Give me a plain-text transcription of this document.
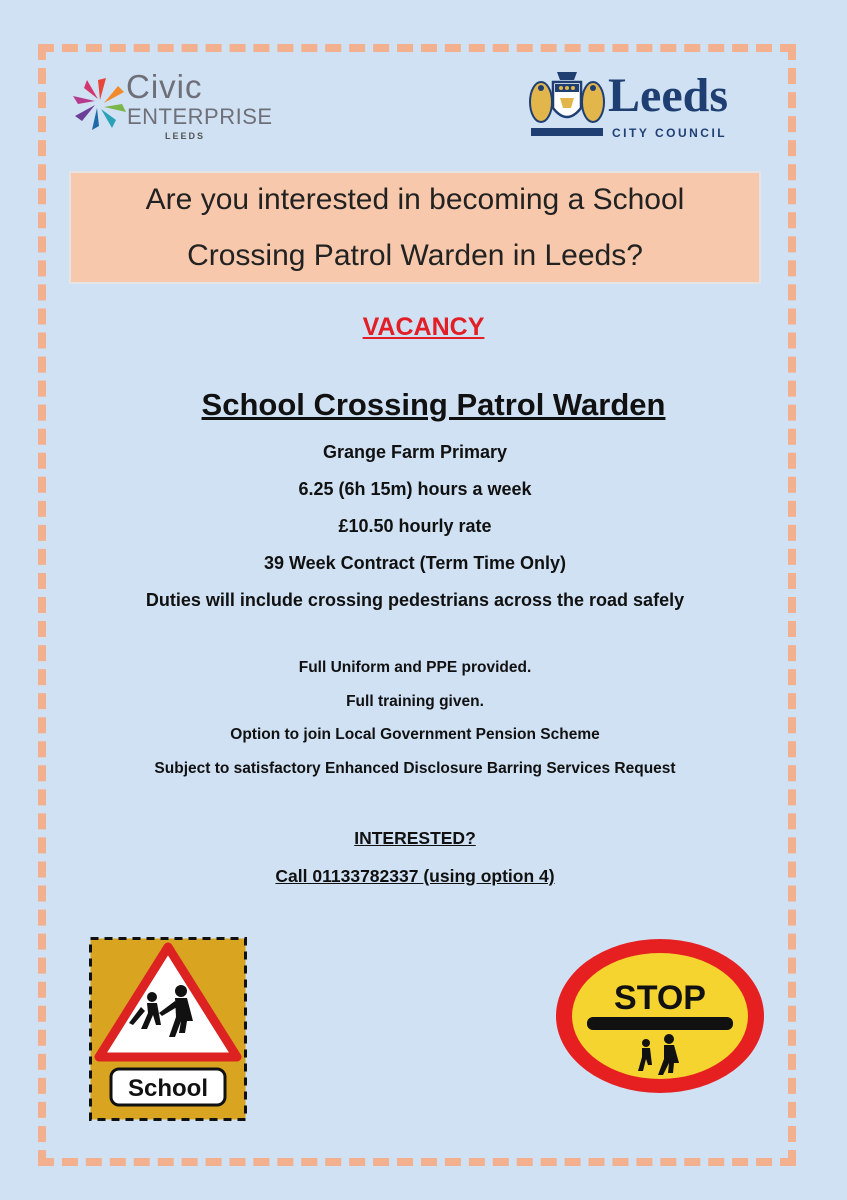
Civic
ENTERPRISE
LEEDS
Leeds
CITY COUNCIL
Are you interested in becoming a School Crossing Patrol Warden in Leeds?
VACANCY
School Crossing Patrol Warden
Grange Farm Primary
6.25 (6h 15m) hours a week
£10.50 hourly rate
39 Week Contract (Term Time Only)
Duties will include crossing pedestrians across the road safely
Full Uniform and PPE provided.
Full training given.
Option to join Local Government Pension Scheme
Subject to satisfactory Enhanced Disclosure Barring Services Request
INTERESTED?
Call 01133782337 (using option 4)
School
STOP
